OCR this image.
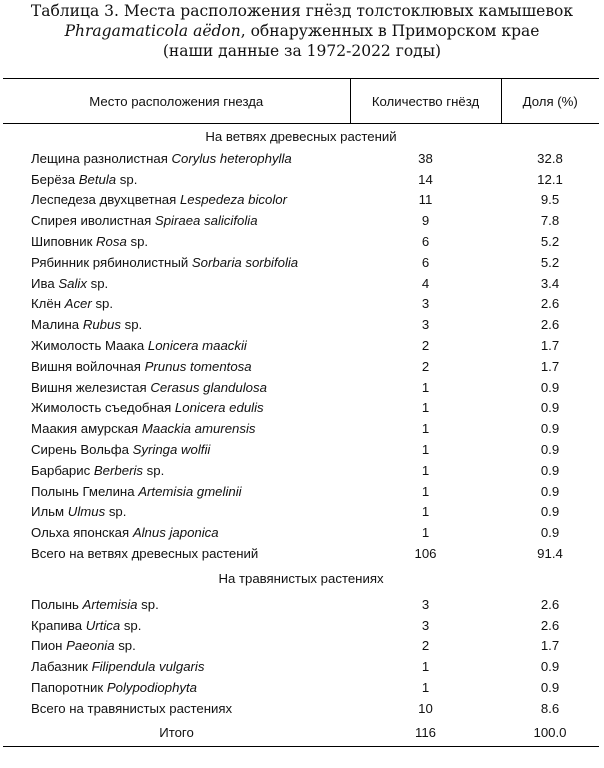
Таблица 3. Места расположения гнёзд толстоклювых камышевок
Phragamaticola aëdon, обнаруженных в Приморском крае
(наши данные за 1972-2022 годы)
Место расположения гнезда	Количество гнёзд	Доля (%)
На ветвях древесных растений		
Лещина разнолистная Corylus heterophylla	38	32.8
Берёза Betula sp.	14	12.1
Леспедеза двухцветная Lespedeza bicolor	11	9.5
Спирея иволистная Spiraea salicifolia	9	7.8
Шиповник Rosa sp.	6	5.2
Рябинник рябинолистный Sorbaria sorbifolia	6	5.2
Ива Salix sp.	4	3.4
Клён Acer sp.	3	2.6
Малина Rubus sp.	3	2.6
Жимолость Маака Lonicera maackii	2	1.7
Вишня войлочная Prunus tomentosa	2	1.7
Вишня железистая Cerasus glandulosa	1	0.9
Жимолость съедобная Lonicera edulis	1	0.9
Маакия амурская Maackia amurensis	1	0.9
Сирень Вольфа Syringa wolfii	1	0.9
Барбарис Berberis sp.	1	0.9
Полынь Гмелина Artemisia gmelinii	1	0.9
Ильм Ulmus sp.	1	0.9
Ольха японская Alnus japonica	1	0.9
Всего на ветвях древесных растений	106	91.4
На травянистых растениях		
Полынь Artemisia sp.	3	2.6
Крапива Urtica sp.	3	2.6
Пион Paeonia sp.	2	1.7
Лабазник Filipendula vulgaris	1	0.9
Папоротник Polypodiophyta	1	0.9
Всего на травянистых растениях	10	8.6
Итого	116	100.0
